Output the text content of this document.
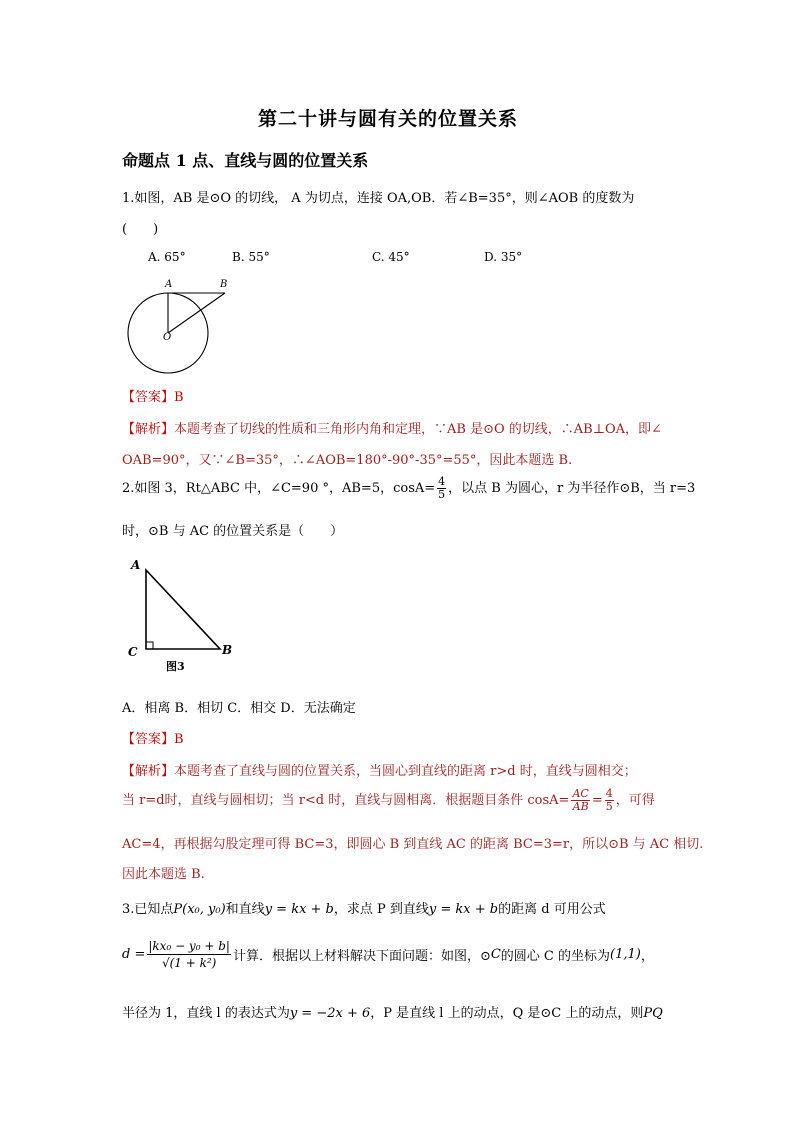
第二十讲与圆有关的位置关系
命题点 1 点、直线与圆的位置关系
1.如图，AB 是⊙O 的切线， A 为切点，连接 OA,OB．若∠B=35°，则∠AOB 的度数为
(　　)
A. 65°	B. 55°	C. 45°	D. 35°
A	B
O
【答案】B
【解析】本题考查了切线的性质和三角形内角和定理，∵AB 是⊙O 的切线，∴AB⊥OA，即∠
OAB=90°，又∵∠B=35°，∴∠AOB=180°-90°-35°=55°，因此本题选 B.
2.如图 3，Rt△ABC 中，∠C=90 °，AB=5，$\cos A= \frac{4}{5}$ ，以点 B 为圆心，r 为半径作⊙B，当 r=3
时，⊙B 与 AC 的位置关系是（　　）
A
C	B
图3
A．相离 B．相切 C．相交 D．无法确定
【答案】B
【解析】本题考查了直线与圆的位置关系，当圆心到直线的距离 r>d 时，直线与圆相交；
当 r=d时，直线与圆相切；当 r<d 时，直线与圆相离．根据题目条件 $\cos A= \frac{AC}{AB} = \frac{4}{5}$ ，可得
AC=4，再根据勾股定理可得 BC=3，即圆心 B 到直线 AC 的距离 BC=3=r，所以⊙B 与 AC 相切.
因此本题选 B.
3.已知点P(x₀, y₀)和直线y = kx + b，求点 P 到直线y = kx + b的距离 d 可用公式
$d = \frac{\text{|kx₀ − y₀ + b|}}{\text{√(1 + k²)}}$ 计算．根据以上材料解决下面问题：如图，⊙C的圆心 C 的坐标为(1,1)，
半径为 1，直线 l 的表达式为y = −2x + 6，P 是直线 l 上的动点，Q 是⊙C 上的动点，则PQ
